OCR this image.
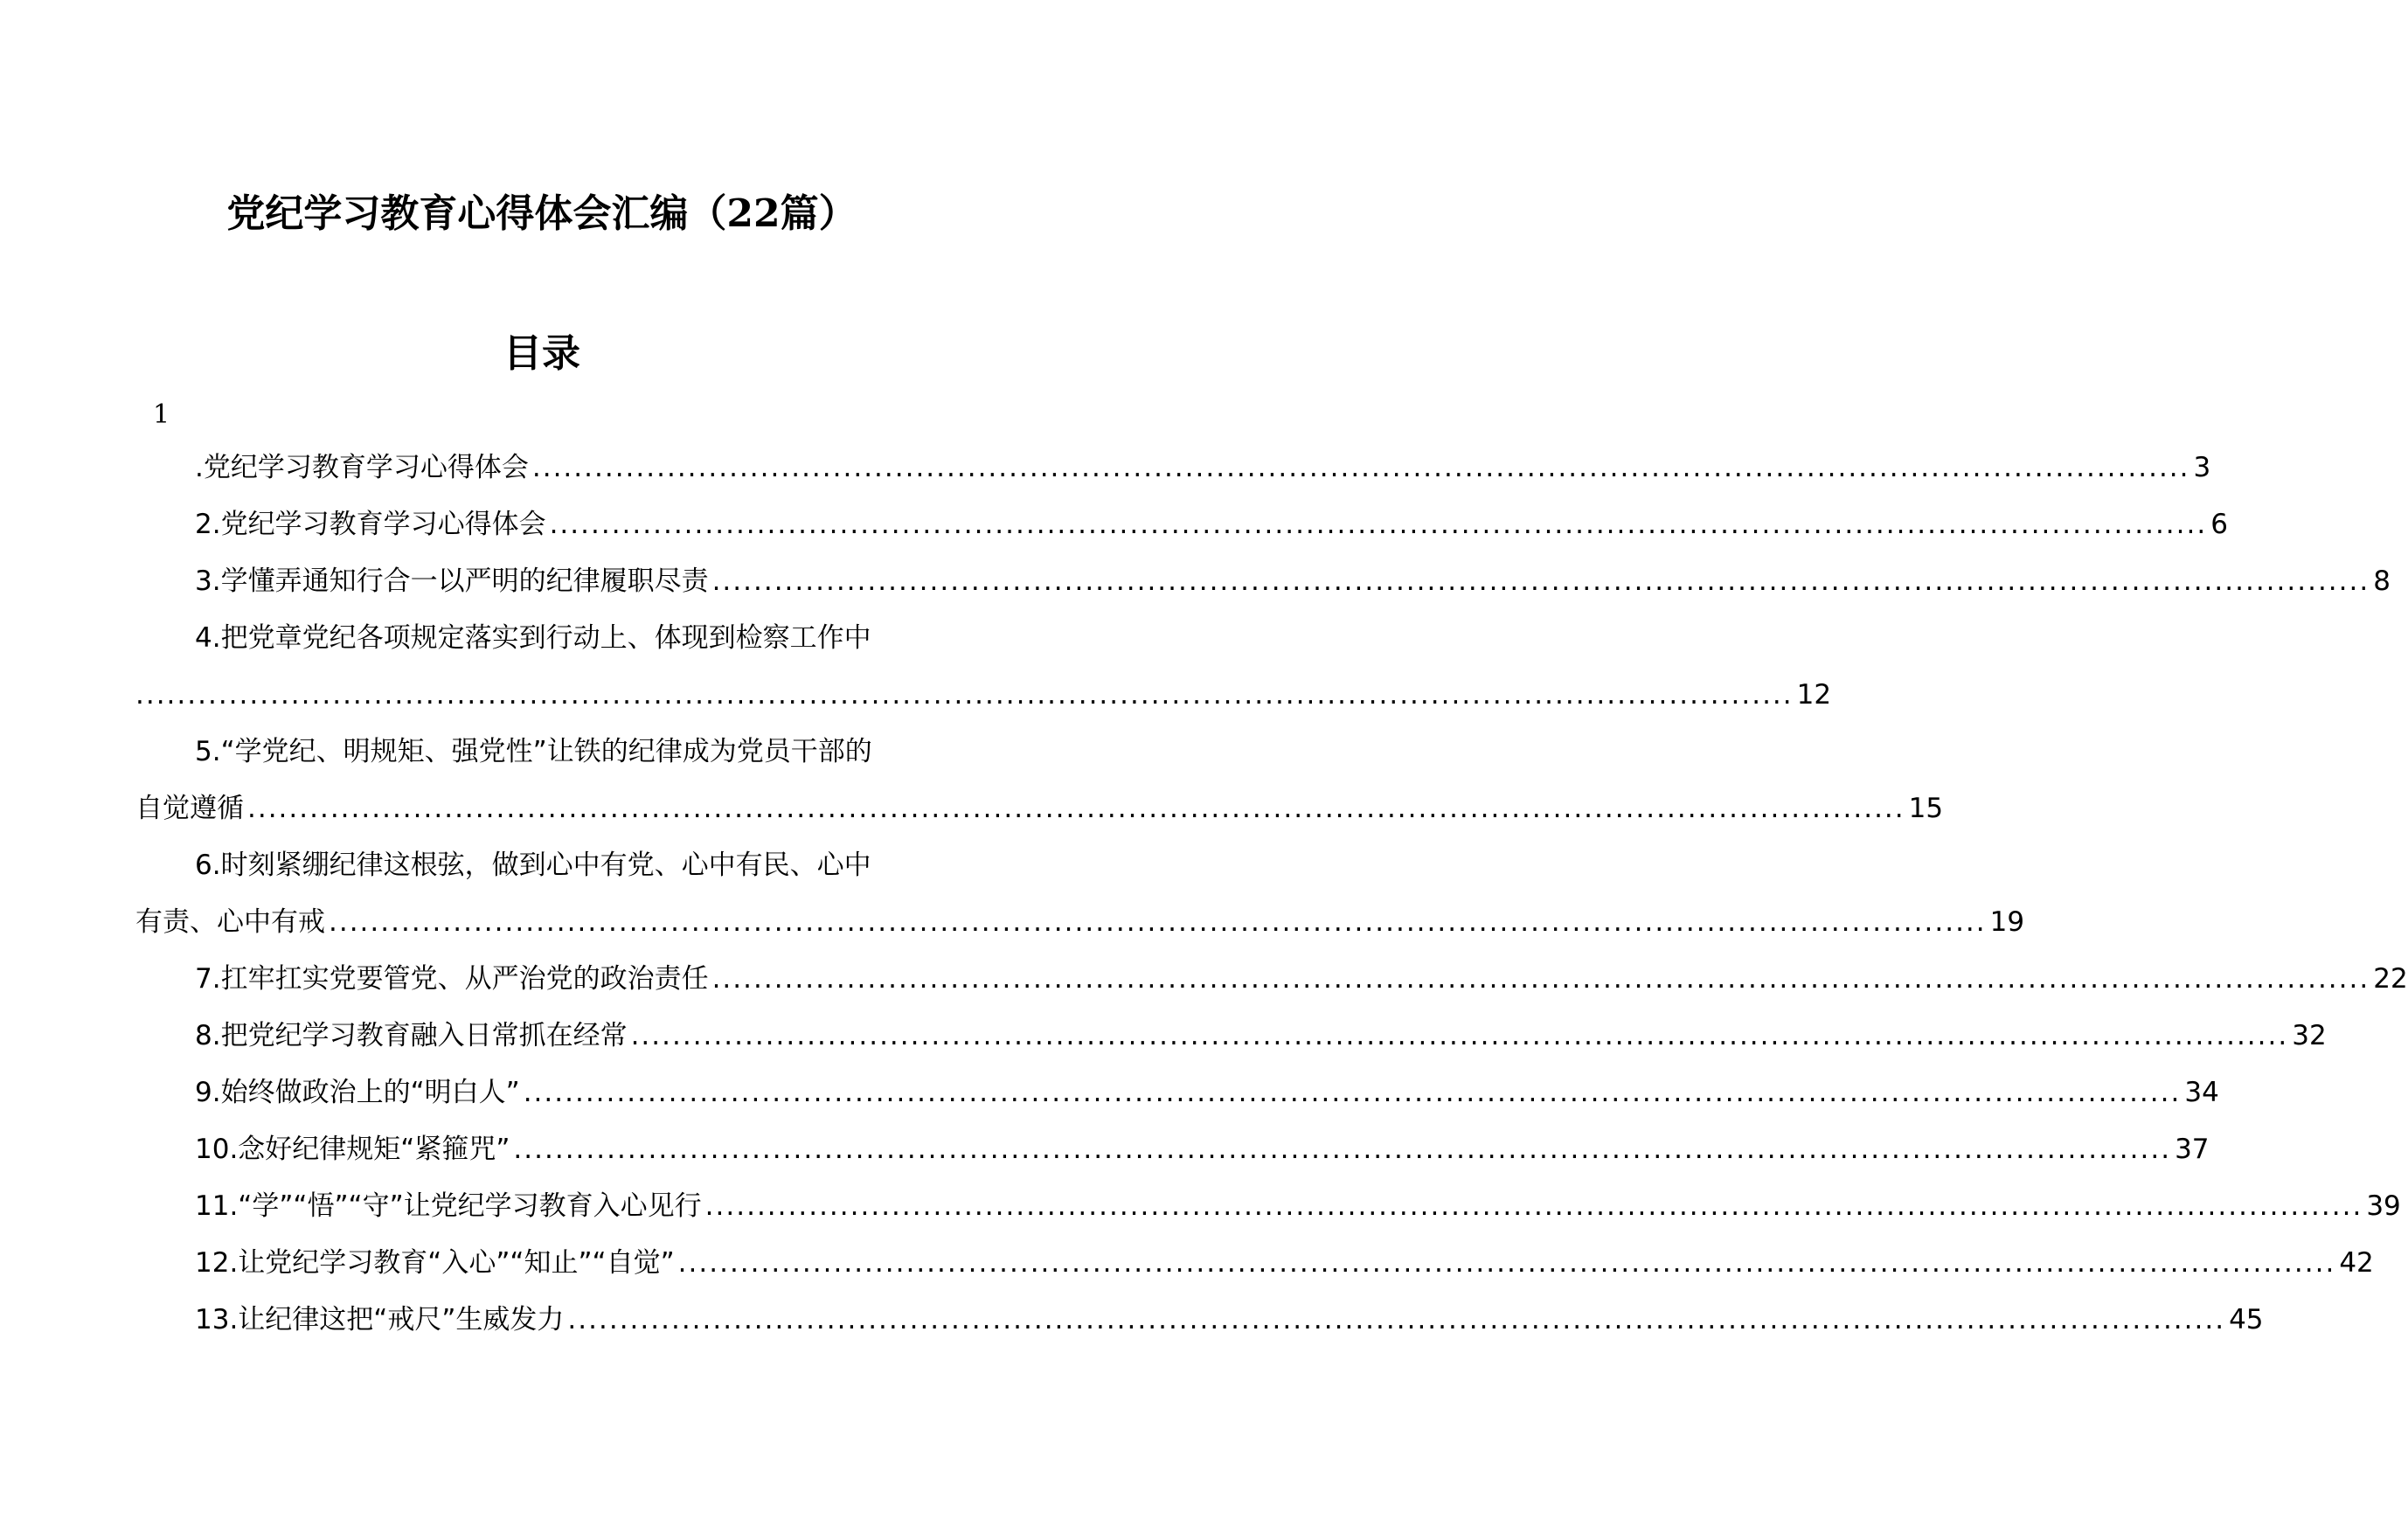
党纪学习教育心得体会汇编（22篇）
目录
1
.党纪学习教育学习心得体会 ................................................................................................................................................................ 3
2.党纪学习教育学习心得体会 ................................................................................................................................................................ 6
3.学懂弄通知行合一以严明的纪律履职尽责 ................................................................................................................................................................ 8
4.把党章党纪各项规定落实到行动上、体现到检察工作中
................................................................................................................................................................ 12
5.“学党纪、明规矩、强党性”让铁的纪律成为党员干部的
自觉遵循 ................................................................................................................................................................ 15
6.时刻紧绷纪律这根弦，做到心中有党、心中有民、心中
有责、心中有戒 ................................................................................................................................................................ 19
7.扛牢扛实党要管党、从严治党的政治责任 ................................................................................................................................................................ 22
8.把党纪学习教育融入日常抓在经常 ................................................................................................................................................................ 32
9.始终做政治上的“明白人” ................................................................................................................................................................ 34
10.念好纪律规矩“紧箍咒” ................................................................................................................................................................ 37
11.“学”“悟”“守”让党纪学习教育入心见行 ................................................................................................................................................................ 39
12.让党纪学习教育“入心”“知止”“自觉” ................................................................................................................................................................ 42
13.让纪律这把“戒尺”生威发力 ................................................................................................................................................................ 45
